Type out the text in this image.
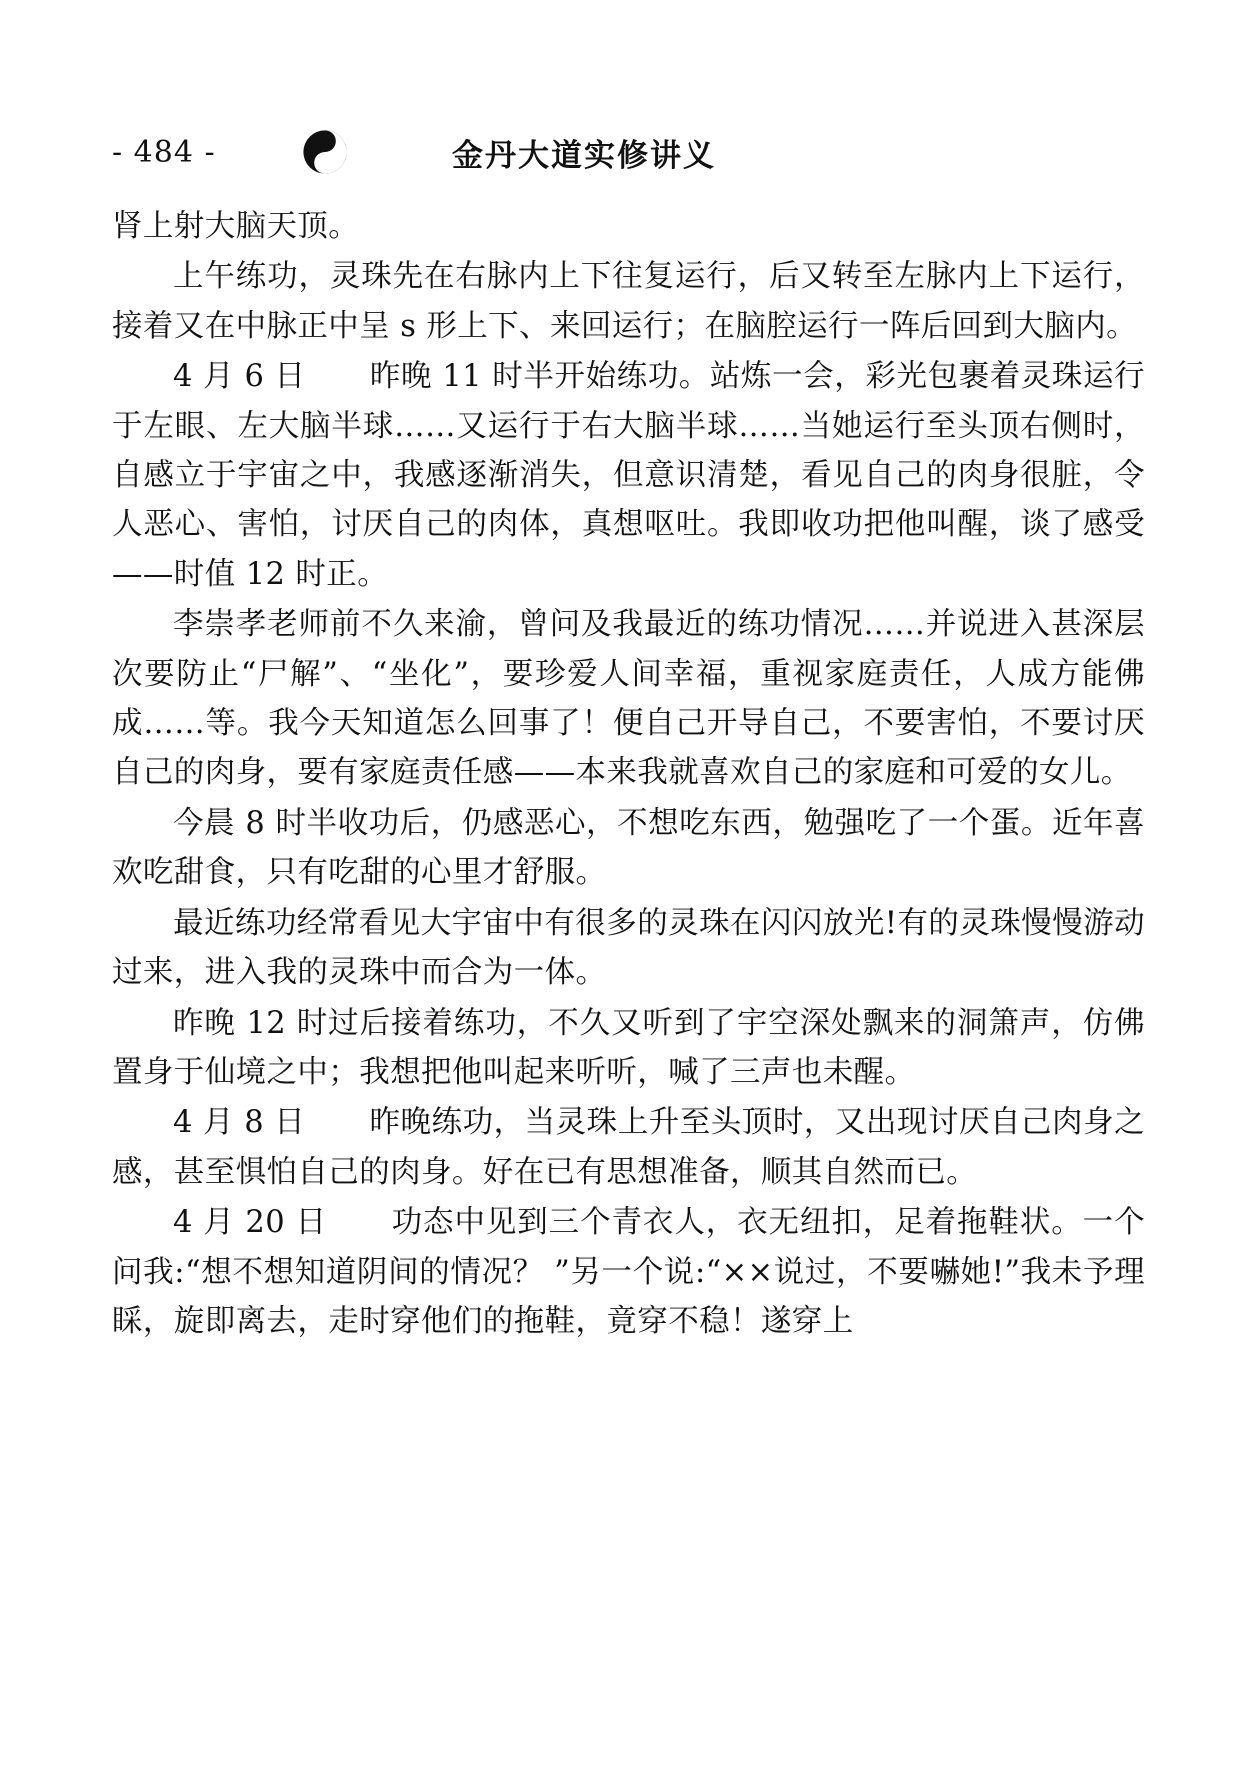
- 484 -	金丹大道实修讲义

肾上射大脑天顶。

上午练功，灵珠先在右脉内上下往复运行，后又转至左脉内上下运行，接着又在中脉正中呈 s 形上下、来回运行；在脑腔运行一阵后回到大脑内。

4 月 6 日 昨晚 11 时半开始练功。站炼一会，彩光包裹着灵珠运行于左眼、左大脑半球……又运行于右大脑半球……当她运行至头顶右侧时，自感立于宇宙之中，我感逐渐消失，但意识清楚，看见自己的肉身很脏，令人恶心、害怕，讨厌自己的肉体，真想呕吐。我即收功把他叫醒，谈了感受——时值 12 时正。

李崇孝老师前不久来渝，曾问及我最近的练功情况……并说进入甚深层次要防止“尸解”、“坐化”，要珍爱人间幸福，重视家庭责任，人成方能佛成……等。我今天知道怎么回事了！便自己开导自己，不要害怕，不要讨厌自己的肉身，要有家庭责任感——本来我就喜欢自己的家庭和可爱的女儿。

今晨 8 时半收功后，仍感恶心，不想吃东西，勉强吃了一个蛋。近年喜欢吃甜食，只有吃甜的心里才舒服。

最近练功经常看见大宇宙中有很多的灵珠在闪闪放光!有的灵珠慢慢游动过来，进入我的灵珠中而合为一体。

昨晚 12 时过后接着练功，不久又听到了宇空深处飘来的洞箫声，仿佛置身于仙境之中；我想把他叫起来听听，喊了三声也未醒。

4 月 8 日 昨晚练功，当灵珠上升至头顶时，又出现讨厌自己肉身之感，甚至惧怕自己的肉身。好在已有思想准备，顺其自然而已。

4 月 20 日 功态中见到三个青衣人，衣无纽扣，足着拖鞋状。一个问我:“想不想知道阴间的情况？ ”另一个说:“××说过，不要嚇她!”我未予理睬，旋即离去，走时穿他们的拖鞋，竟穿不稳！遂穿上
